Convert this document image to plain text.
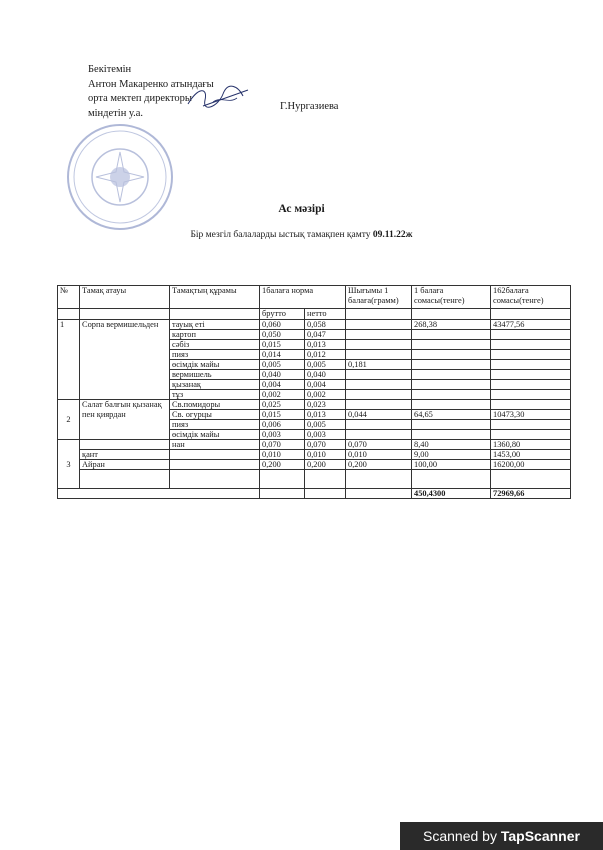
Бекітемін
Антон Макаренко атындағы
орта мектеп директоры
міндетін у.а.
Г.Нургазиева
Ас мәзірі
Бір мезгіл балаларды ыстық тамақпен қамту 09.11.22ж
№	Тамақ атауы	Тамақтың құрамы	1балаға норма		Шығымы 1 балаға(грамм)	1 балаға сомасы(тенге)	162балаға сомасы(тенге)
			брутто	нетто			
1	Сорпа вермишельден	тауық еті	0,060	0,058		268,38	43477,56
		картоп	0,050	0,047			
		сәбіз	0,015	0,013			
		пияз	0,014	0,012			
		өсімдік майы	0,005	0,005	0,181		
		вермишель	0,040	0,040			
		қызанақ	0,004	0,004			
		тұз	0,002	0,002			
2	Салат балғын қызанақ пен қиярдан	Св.помидоры	0,025	0,023			
		Св. огурцы	0,015	0,013	0,044	64,65	10473,30
		пияз	0,006	0,005			
		өсімдік майы	0,003	0,003			
3		нан	0,070	0,070	0,070	8,40	1360,80
	қант		0,010	0,010	0,010	9,00	1453,00
	Айран		0,200	0,200	0,200	100,00	16200,00

						450,4300	72969,66
Scanned by TapScanner
